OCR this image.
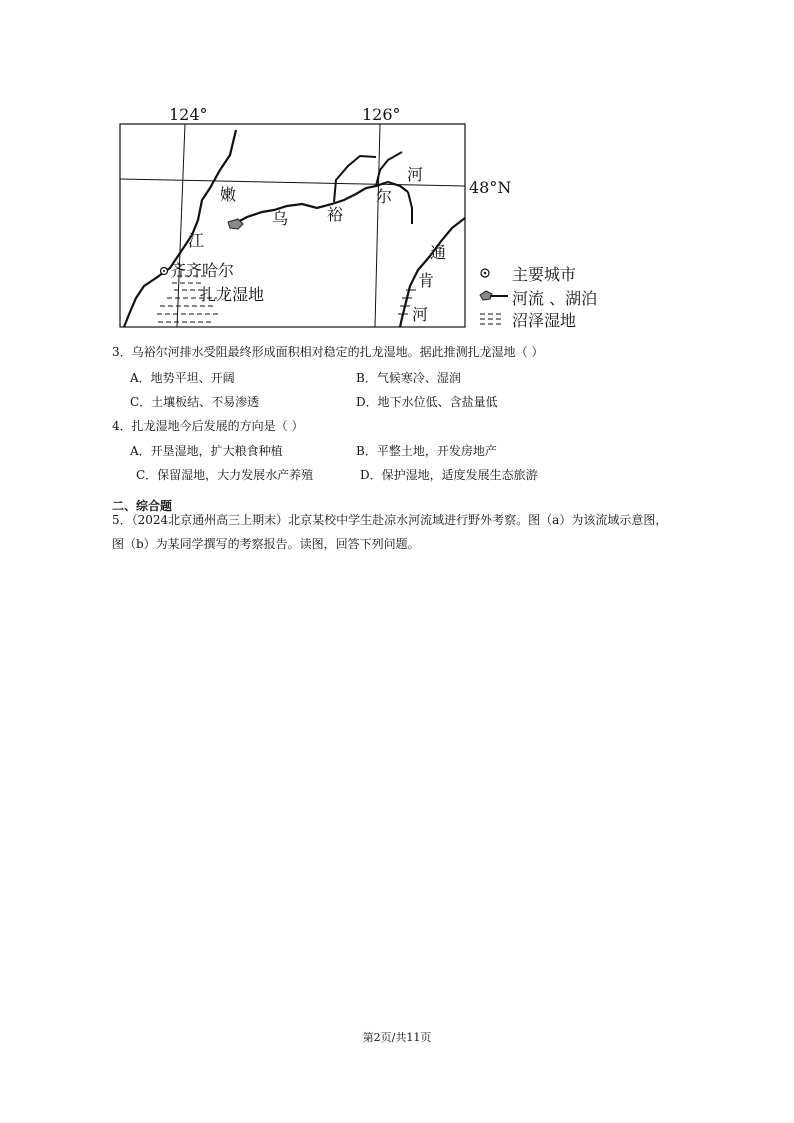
124°	126°
48°N
嫩
江
河
尔
乌 裕
通
肯
河
齐齐哈尔
扎龙湿地
主要城市
河流 、湖泊
沼泽湿地
3．乌裕尔河排水受阻最终形成面积相对稳定的扎龙湿地。据此推测扎龙湿地（ ）
A．地势平坦、开阔	B．气候寒冷、湿润
C．土壤板结、不易渗透	D．地下水位低、含盐量低
4．扎龙湿地今后发展的方向是（ ）
A．开垦湿地，扩大粮食种植	B．平整土地，开发房地产
C．保留湿地，大力发展水产养殖	D．保护湿地，适度发展生态旅游
二、综合题
5．（2024北京通州高三上期末）北京某校中学生赴凉水河流域进行野外考察。图（a）为该流域示意图，
图（b）为某同学撰写的考察报告。读图，回答下列问题。
第2页/共11页
